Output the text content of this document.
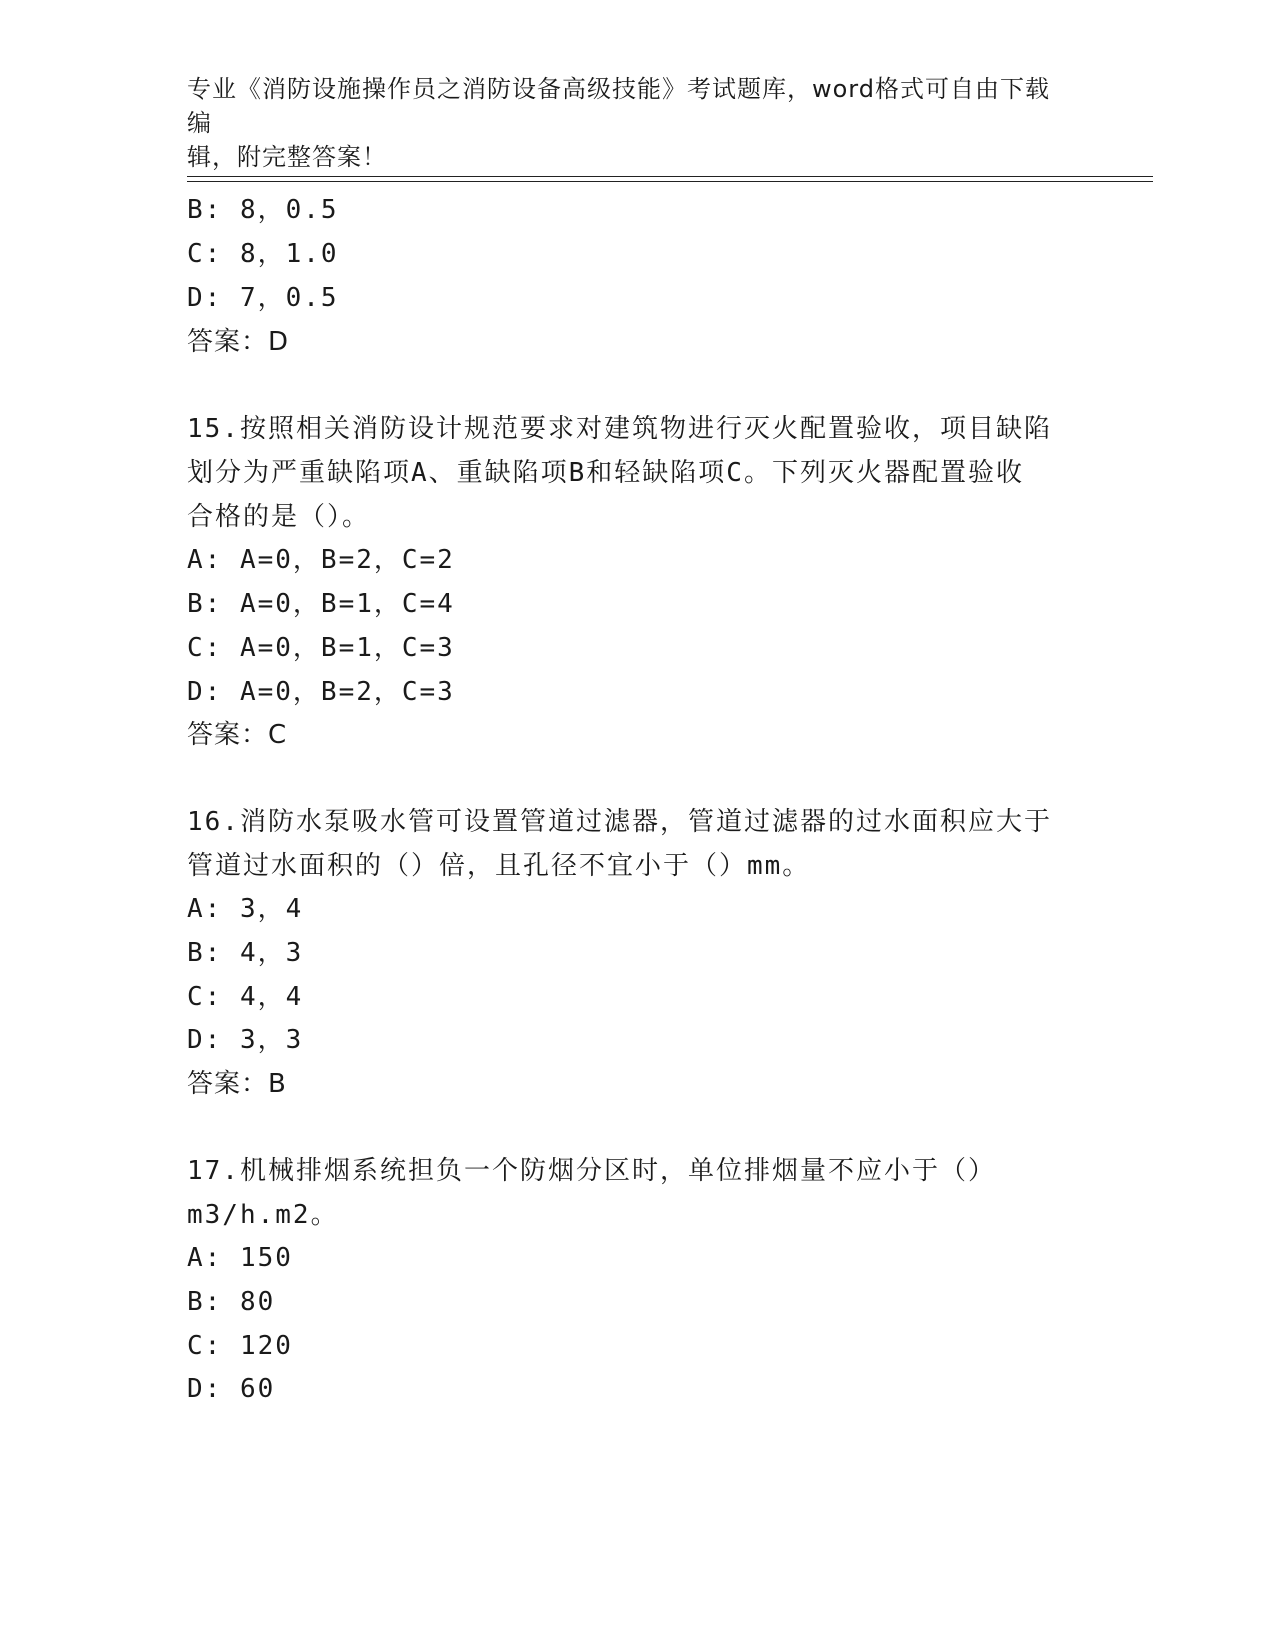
专业《消防设施操作员之消防设备高级技能》考试题库，word格式可自由下载编
辑，附完整答案！
B: 8，0.5
C: 8，1.0
D: 7，0.5
答案：D
15.按照相关消防设计规范要求对建筑物进行灭火配置验收，项目缺陷
划分为严重缺陷项A、重缺陷项B和轻缺陷项C。下列灭火器配置验收
合格的是（）。
A: A=0，B=2，C=2
B: A=0，B=1，C=4
C: A=0，B=1，C=3
D: A=0，B=2，C=3
答案：C
16.消防水泵吸水管可设置管道过滤器，管道过滤器的过水面积应大于
管道过水面积的（）倍，且孔径不宜小于（）mm。
A: 3，4
B: 4，3
C: 4，4
D: 3，3
答案：B
17.机械排烟系统担负一个防烟分区时，单位排烟量不应小于（）
m3/h.m2。
A: 150
B: 80
C: 120
D: 60
